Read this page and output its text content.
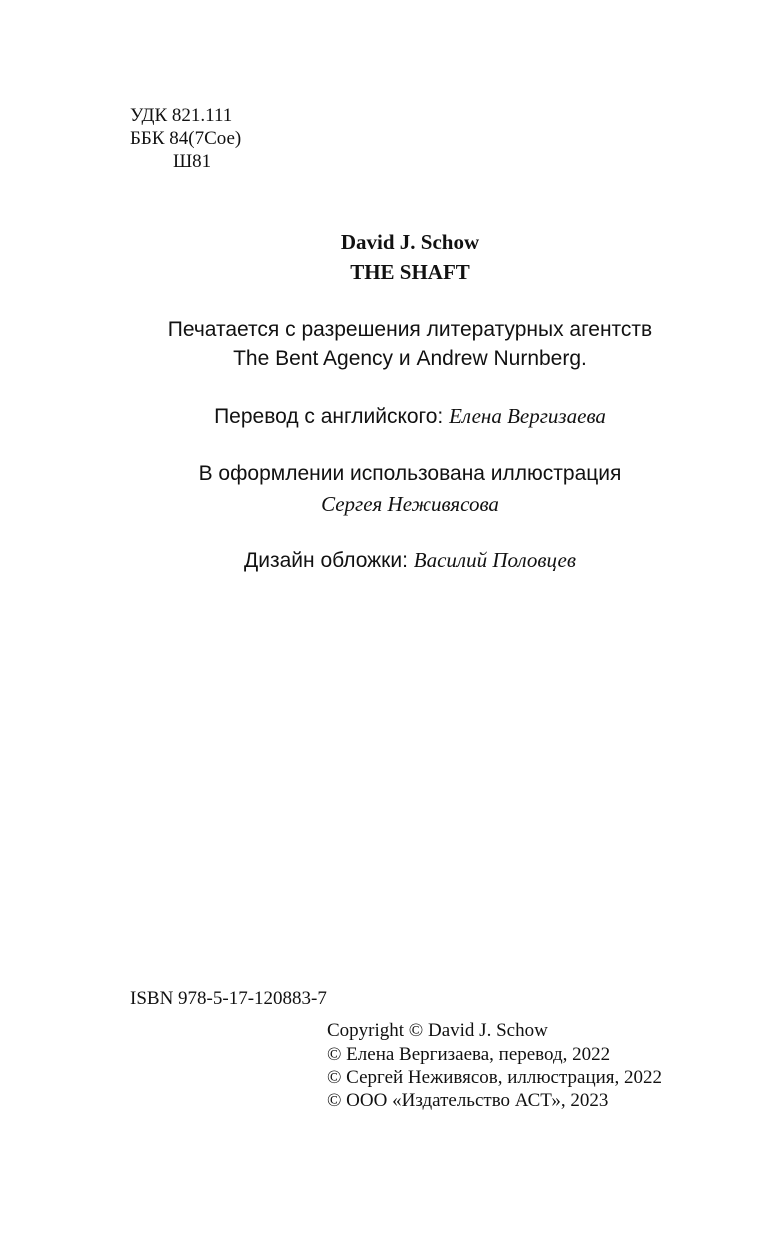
УДК 821.111
ББК 84(7Сое)
Ш81
David J. Schow
THE SHAFT
Печатается с разрешения литературных агентств
The Bent Agency и Andrew Nurnberg.
Перевод с английского: Елена Вергизаева
В оформлении использована иллюстрация
Сергея Неживясова
Дизайн обложки: Василий Половцев
ISBN 978-5-17-120883-7
Copyright © David J. Schow
© Елена Вергизаева, перевод, 2022
© Сергей Неживясов, иллюстрация, 2022
© ООО «Издательство АСТ», 2023
